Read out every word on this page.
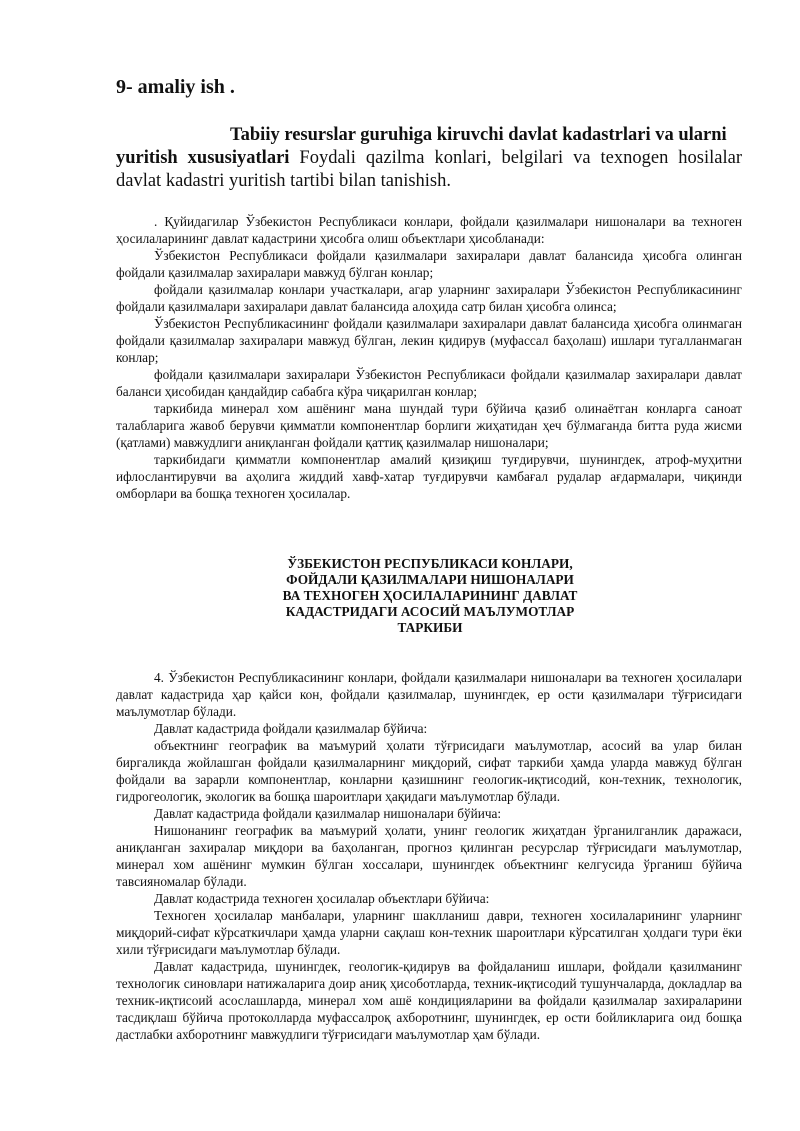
9- amaliy ish .
Tabiiy resurslar guruhiga kiruvchi davlat kadastrlari va ularni
yuritish xususiyatlari Foydali qazilma konlari, belgilari va texnogen hosilalar davlat kadastri yuritish tartibi bilan tanishish.

. Қуйидагилар Ўзбекистон Республикаси конлари, фойдали қазилмалари нишоналари ва техноген ҳосилаларининг давлат кадастрини ҳисобга олиш объектлари ҳисобланади:

Ўзбекистон Республикаси фойдали қазилмалари захиралари давлат балансида ҳисобга олинган фойдали қазилмалар захиралари мавжуд бўлган конлар;

фойдали қазилмалар конлари участкалари, агар уларнинг захиралари Ўзбекистон Республикасининг фойдали қазилмалари захиралари давлат балансида алоҳида сатр билан ҳисобга олинса;

Ўзбекистон Республикасининг фойдали қазилмалари захиралари давлат балансида ҳисобга олинмаган фойдали қазилмалар захиралари мавжуд бўлган, лекин қидирув (муфассал баҳолаш) ишлари тугалланмаган конлар;

фойдали қазилмалари захиралари Ўзбекистон Республикаси фойдали қазилмалар захиралари давлат баланси ҳисобидан қандайдир сабабга кўра чиқарилган конлар;

таркибида минерал хом ашёнинг мана шундай тури бўйича қазиб олинаётган конларга саноат талабларига жавоб берувчи қимматли компонентлар борлиги жиҳатидан ҳеч бўлмаганда битта руда жисми (қатлами) мавжудлиги аниқланган фойдали қаттиқ қазилмалар нишоналари;

таркибидаги қимматли компонентлар амалий қизиқиш туғдирувчи, шунингдек, атроф-муҳитни ифлослантирувчи ва аҳолига жиддий хавф-хатар туғдирувчи камбағал рудалар ағдармалари, чиқинди омборлари ва бошқа техноген ҳосилалар.

ЎЗБЕКИСТОН РЕСПУБЛИКАСИ КОНЛАРИ,
ФОЙДАЛИ ҚАЗИЛМАЛАРИ НИШОНАЛАРИ
ВА ТЕХНОГЕН ҲОСИЛАЛАРИНИНГ ДАВЛАТ
КАДАСТРИДАГИ АСОСИЙ МАЪЛУМОТЛАР
ТАРКИБИ

4. Ўзбекистон Республикасининг конлари, фойдали қазилмалари нишоналари ва техноген ҳосилалари давлат кадастрида ҳар қайси кон, фойдали қазилмалар, шунингдек, ер ости қазилмалари тўғрисидаги маълумотлар бўлади.

Давлат кадастрида фойдали қазилмалар бўйича:

объектнинг географик ва маъмурий ҳолати тўғрисидаги маълумотлар, асосий ва улар билан биргаликда жойлашган фойдали қазилмаларнинг миқдорий, сифат таркиби ҳамда уларда мавжуд бўлган фойдали ва зарарли компонентлар, конларни қазишнинг геологик-иқтисодий, кон-техник, технологик, гидрогеологик, экологик ва бошқа шароитлари ҳақидаги маълумотлар бўлади.

Давлат кадастрида фойдали қазилмалар нишоналари бўйича:

Нишонанинг географик ва маъмурий ҳолати, унинг геологик жиҳатдан ўрганилганлик даражаси, аниқланган захиралар миқдори ва баҳоланган, прогноз қилинган ресурслар тўғрисидаги маълумотлар, минерал хом ашёнинг мумкин бўлган хоссалари, шунингдек объектнинг келгусида ўрганиш бўйича тавсияномалар бўлади.

Давлат кодастрида техноген ҳосилалар объектлари бўйича:

Техноген ҳосилалар манбалари, уларнинг шаклланиш даври, техноген хосилаларининг уларнинг миқдорий-сифат кўрсаткичлари ҳамда уларни сақлаш кон-техник шароитлари кўрсатилган ҳолдаги тури ёки хили тўғрисидаги маълумотлар бўлади.

Давлат кадастрида, шунингдек, геологик-қидирув ва фойдаланиш ишлари, фойдали қазилманинг технологик синовлари натижаларига доир аниқ ҳисоботларда, техник-иқтисодий тушунчаларда, докладлар ва техник-иқтисоий асослашларда, минерал хом ашё кондицияларини ва фойдали қазилмалар захираларини тасдиқлаш бўйича протоколларда муфассалроқ ахборотнинг, шунингдек, ер ости бойликларига оид бошқа дастлабки ахборотнинг мавжудлиги тўғрисидаги маълумотлар ҳам бўлади.
